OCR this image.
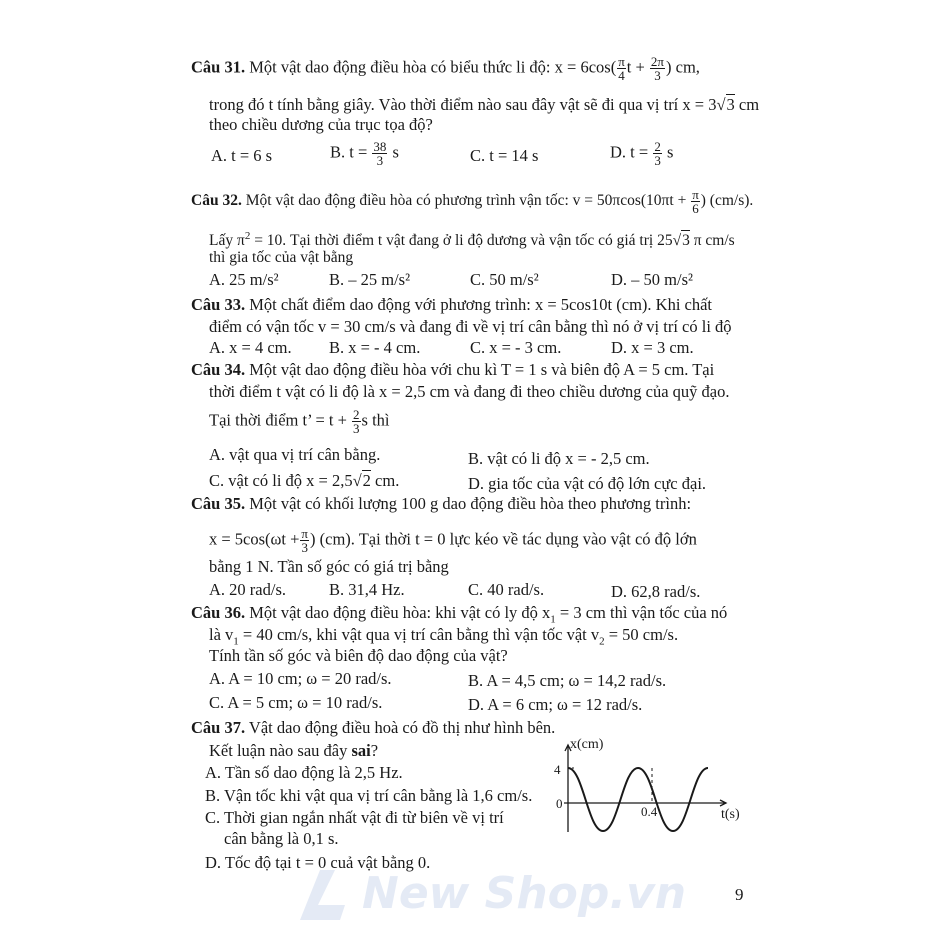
Câu 31. Một vật dao động điều hòa có biểu thức li độ: $x = 6\cos( \frac{\pi}{4}$ $t + \frac{2\pi}{3}$ ) cm,
trong đó t tính bằng giây. Vào thời điểm nào sau đây vật sẽ đi qua vị trí x = 3√3 cm
theo chiều dương của trục tọa độ?
A. t = 6 s	B. $t = \frac{38}{3}$ s	C. t = 14 s	D. $t = \frac{2}{3}$ s
Câu 32. Một vật dao động điều hòa có phương trình vận tốc: $v = 50\pi\cos(10\pi t + \frac{\pi}{6}$ ) (cm/s).
Lấy $\pi^2 = 10$. Tại thời điểm t vật đang ở li độ dương và vận tốc có giá trị 25√3 π cm/s
thì gia tốc của vật bằng
A. 25 m/s²	B. – 25 m/s²	C. 50 m/s²	D. – 50 m/s²
Câu 33. Một chất điểm dao động với phương trình: x = 5cos10t (cm). Khi chất
điểm có vận tốc v = 30 cm/s và đang đi về vị trí cân bằng thì nó ở vị trí có li độ
A. x = 4 cm. B. x = - 4 cm.	C. x = - 3 cm.	D. x = 3 cm.
Câu 34. Một vật dao động điều hòa với chu kì T = 1 s và biên độ A = 5 cm. Tại
thời điểm t vật có li độ là x = 2,5 cm và đang đi theo chiều dương của quỹ đạo.
Tại thời điểm t’ = $t + \frac{2}{3}$ s thì
A. vật qua vị trí cân bằng.	B. vật có li độ x = - 2,5 cm.
C. vật có li độ x = 2,5√2 cm.	D. gia tốc của vật có độ lớn cực đại.
Câu 35. Một vật có khối lượng 100 g dao động điều hòa theo phương trình:
$x = 5\cos(\omega t + \frac{\pi}{3}$ ) (cm). Tại thời t = 0 lực kéo về tác dụng vào vật có độ lớn
bằng 1 N. Tần số góc có giá trị bằng
A. 20 rad/s.	B. 31,4 Hz.	C. 40 rad/s.	D. 62,8 rad/s.
Câu 36. Một vật dao động điều hòa: khi vật có ly độ $x_1 = 3$ cm thì vận tốc của nó
là $v_1 = 40$ cm/s, khi vật qua vị trí cân bằng thì vận tốc vật $v_2 = 50$ cm/s.
Tính tần số góc và biên độ dao động của vật?
A. A = 10 cm; ω = 20 rad/s.	B. A = 4,5 cm; ω = 14,2 rad/s.
C. A = 5 cm; ω = 10 rad/s.	D. A = 6 cm; ω = 12 rad/s.
Câu 37. Vật dao động điều hoà có đồ thị như hình bên.
Kết luận nào sau đây sai?
A. Tần số dao động là 2,5 Hz.
B. Vận tốc khi vật qua vị trí cân bằng là 1,6 cm/s.
C. Thời gian ngắn nhất vật đi từ biên về vị trí
cân bằng là 0,1 s.
D. Tốc độ tại t = 0 cuả vật bằng 0.
x(cm)
4
0
0.4	t(s)
New Shop.vn	9
